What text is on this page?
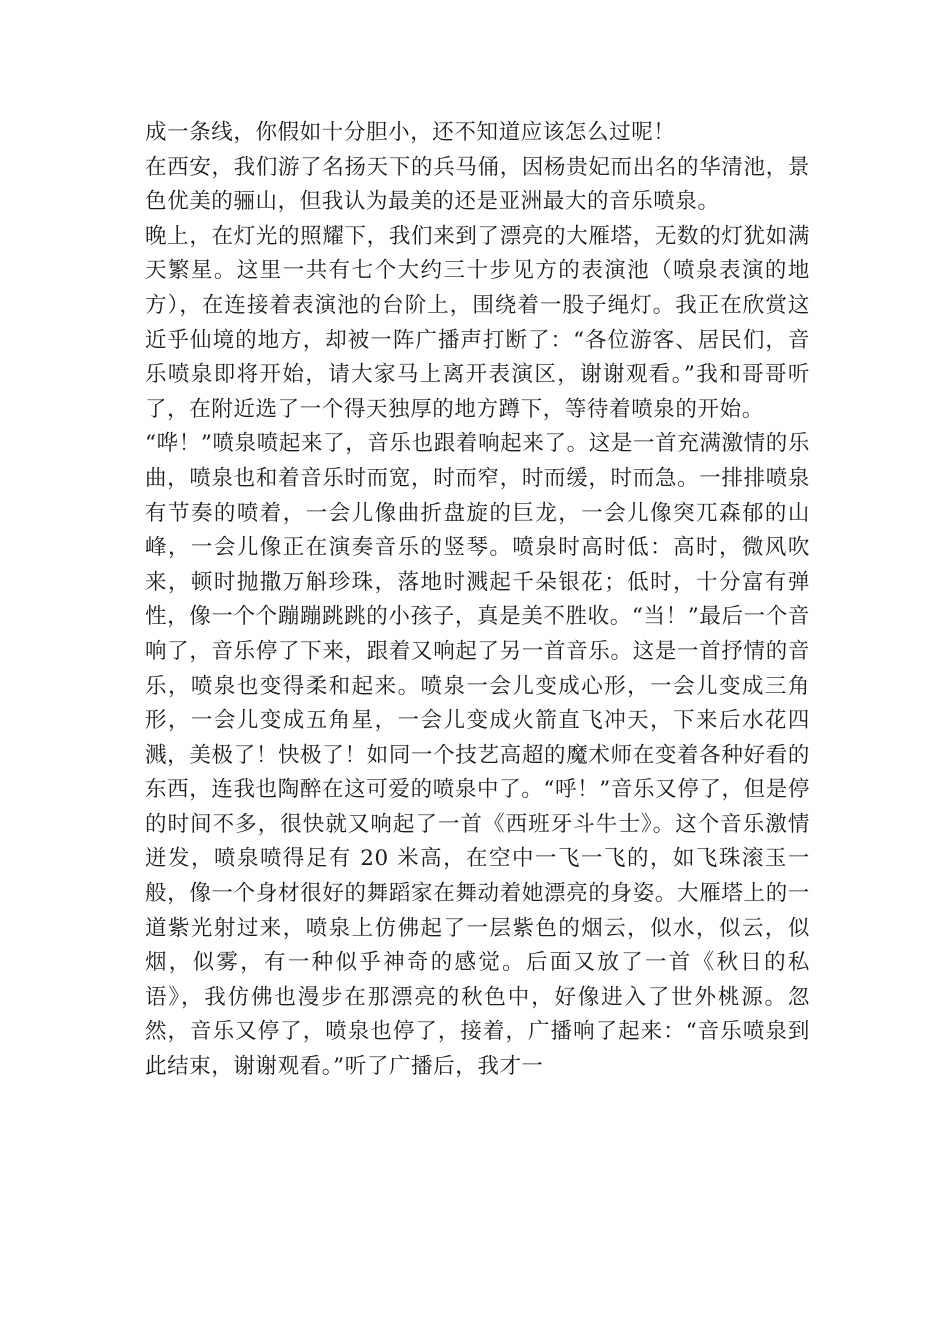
成一条线，你假如十分胆小，还不知道应该怎么过呢！

在西安，我们游了名扬天下的兵马俑，因杨贵妃而出名的华清池，景色优美的骊山，但我认为最美的还是亚洲最大的音乐喷泉。

晚上，在灯光的照耀下，我们来到了漂亮的大雁塔，无数的灯犹如满天繁星。这里一共有七个大约三十步见方的表演池（喷泉表演的地方），在连接着表演池的台阶上，围绕着一股子绳灯。我正在欣赏这近乎仙境的地方，却被一阵广播声打断了：“各位游客、居民们，音乐喷泉即将开始，请大家马上离开表演区，谢谢观看。”我和哥哥听了，在附近选了一个得天独厚的地方蹲下，等待着喷泉的开始。

“哗！”喷泉喷起来了，音乐也跟着响起来了。这是一首充满激情的乐曲，喷泉也和着音乐时而宽，时而窄，时而缓，时而急。一排排喷泉有节奏的喷着，一会儿像曲折盘旋的巨龙，一会儿像突兀森郁的山峰，一会儿像正在演奏音乐的竖琴。喷泉时高时低：高时，微风吹来，顿时抛撒万斛珍珠，落地时溅起千朵银花；低时，十分富有弹性，像一个个蹦蹦跳跳的小孩子，真是美不胜收。“当！”最后一个音响了，音乐停了下来，跟着又响起了另一首音乐。这是一首抒情的音乐，喷泉也变得柔和起来。喷泉一会儿变成心形，一会儿变成三角形，一会儿变成五角星，一会儿变成火箭直飞冲天，下来后水花四溅，美极了！快极了！如同一个技艺高超的魔术师在变着各种好看的东西，连我也陶醉在这可爱的喷泉中了。“呼！”音乐又停了，但是停的时间不多，很快就又响起了一首《西班牙斗牛士》。这个音乐激情迸发，喷泉喷得足有 20 米高，在空中一飞一飞的，如飞珠滚玉一般，像一个身材很好的舞蹈家在舞动着她漂亮的身姿。大雁塔上的一道紫光射过来，喷泉上仿佛起了一层紫色的烟云，似水，似云，似烟，似雾，有一种似乎神奇的感觉。后面又放了一首《秋日的私语》，我仿佛也漫步在那漂亮的秋色中，好像进入了世外桃源。忽然，音乐又停了，喷泉也停了，接着，广播响了起来：“音乐喷泉到此结束，谢谢观看。”听了广播后，我才一
